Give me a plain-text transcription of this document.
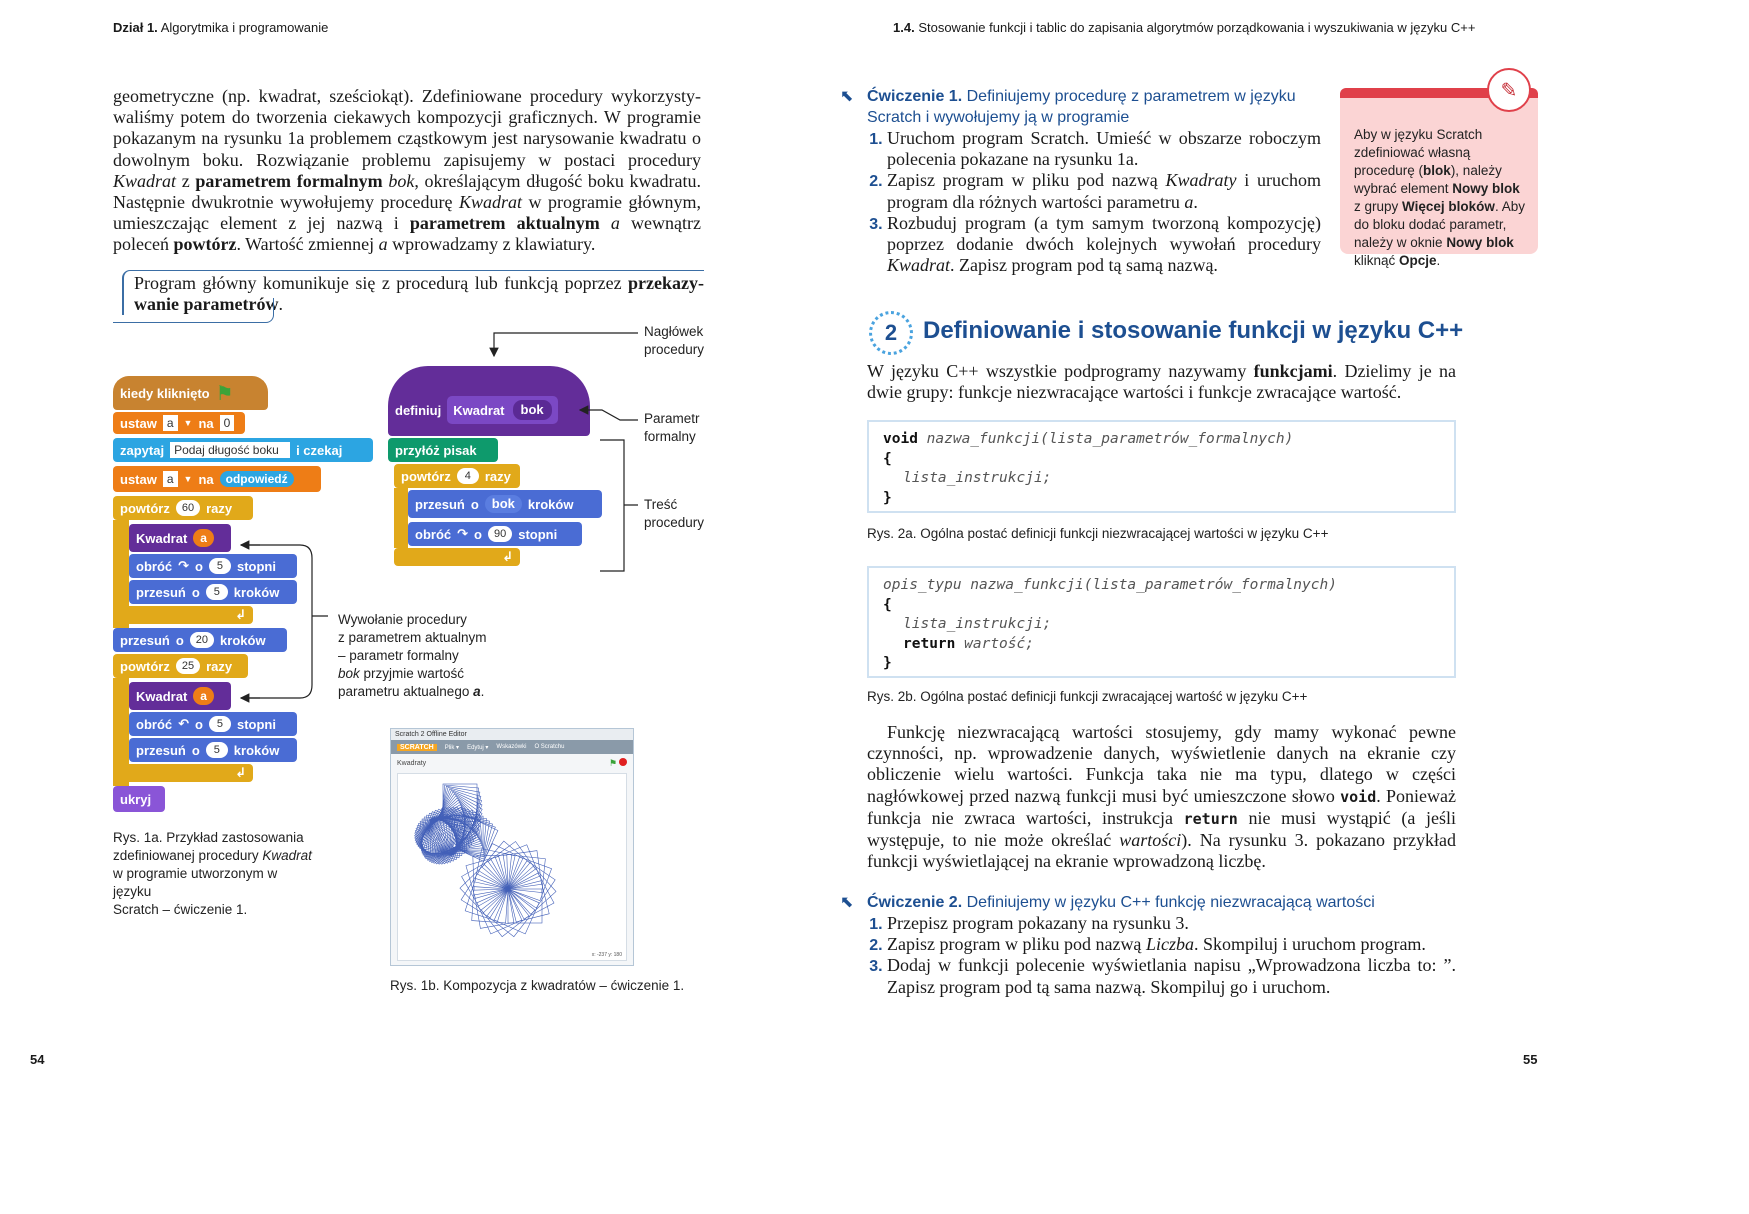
Dział 1. Algorytmika i programowanie
54

geometryczne (np. kwadrat, sześciokąt). Zdefiniowane procedury wykorzystywaliśmy potem do tworzenia ciekawych kompozycji graficznych. W programie pokazanym na rysunku 1a problemem cząstkowym jest narysowanie kwadratu o dowolnym boku. Rozwiązanie problemu zapisujemy w postaci procedury Kwadrat z parametrem formalnym bok, określającym długość boku kwadratu. Następnie dwukrotnie wywołujemy procedurę Kwadrat w programie głównym, umieszczając element z jej nazwą i parametrem aktualnym a wewnątrz poleceń powtórz. Wartość zmiennej a wprowadzamy z klawiatury.

Program główny komunikuje się z procedurą lub funkcją poprzez przekazywanie parametrów.
kiedy kliknięto ⚑
ustaw a	▼ na 0
zapytaj Podaj długość boku	i czekaj
ustaw a	▼ na	odpowiedź
powtórz	60 razy
Kwadrat	a
obróć ↷ o	5	stopni
przesuń o	5	kroków
↲
przesuń o	20 kroków
powtórz	25 razy
Kwadrat	a
obróć ↶ o	5	stopni
przesuń o	5	kroków
↲
ukryj
definiuj Kwadrat	bok
przyłóż pisak
powtórz	4	razy
przesuń o	bok	kroków
obróć ↷ o	90 stopni
↲
Nagłówek
procedury
Parametr
formalny
Treść
procedury
Wywołanie procedury
z parametrem aktualnym
– parametr formalny
bok przyjmie wartość
parametru aktualnego a.
Rys. 1a. Przykład zastosowania
zdefiniowanej procedury Kwadrat
w programie utworzonym w języku
Scratch – ćwiczenie 1.
Scratch 2 Offline Editor
SCRATCH	Plik ▾ Edytuj ▾ Wskazówki O Scratchu
Kwadraty	⚑
x: -237 y: 180
Rys. 1b. Kompozycja z kwadratów – ćwiczenie 1.
1.4. Stosowanie funkcji i tablic do zapisania algorytmów porządkowania i wyszukiwania w języku C++
55
⬉ Ćwiczenie 1. Definiujemy procedurę z parametrem w języku
Scratch i wywołujemy ją w programie
1. Uruchom program Scratch. Umieść w obszarze roboczym polecenia pokazane na rysunku 1a.
2. Zapisz program w pliku pod nazwą Kwadraty i uruchom program dla różnych wartości parametru a.
3. Rozbuduj program (a tym samym tworzoną kompozycję) poprzez dodanie dwóch kolejnych wywołań procedury Kwadrat. Zapisz program pod tą samą nazwą.
Aby w języku Scratch zdefiniować własną procedurę (blok), należy wybrać element Nowy blok z grupy Więcej bloków. Aby do bloku dodać parametr, należy w oknie Nowy blok kliknąć Opcje.
✎
2	Definiowanie i stosowanie funkcji w języku C++

W języku C++ wszystkie podprogramy nazywamy funkcjami. Dzielimy je na dwie grupy: funkcje niezwracające wartości i funkcje zwracające wartość.

void nazwa_funkcji(lista_parametrów_formalnych)
{
lista_instrukcji;
}
Rys. 2a. Ogólna postać definicji funkcji niezwracającej wartości w języku C++
opis_typu nazwa_funkcji(lista_parametrów_formalnych)
{
lista_instrukcji;
return wartość;
}
Rys. 2b. Ogólna postać definicji funkcji zwracającej wartość w języku C++

Funkcję niezwracającą wartości stosujemy, gdy mamy wykonać pewne czynności, np. wprowadzenie danych, wyświetlenie danych na ekranie czy obliczenie wielu wartości. Funkcja taka nie ma typu, dlatego w części nagłówkowej przed nazwą funkcji musi być umieszczone słowo void. Ponieważ funkcja nie zwraca wartości, instrukcja return nie musi wystąpić (a jeśli występuje, to nie może określać wartości). Na rysunku 3. pokazano przykład funkcji wyświetlającej na ekranie wprowadzoną liczbę.

⬉ Ćwiczenie 2. Definiujemy w języku C++ funkcję niezwracającą wartości
1. Przepisz program pokazany na rysunku 3.
2. Zapisz program w pliku pod nazwą Liczba. Skompiluj i uruchom program.
3. Dodaj w funkcji polecenie wyświetlania napisu „Wprowadzona liczba to: ”. Zapisz program pod tą sama nazwą. Skompiluj go i uruchom.
